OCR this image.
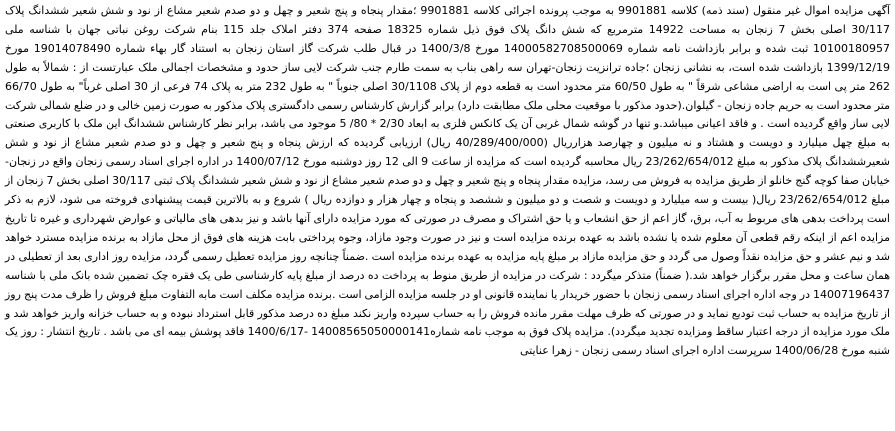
آگهی مزایده اموال غیر منقول (سند ذمه) کلاسه 9901881 به موجب پرونده اجرائی کلاسه 9901881 ؛مقدار پنجاه و پنج شعیر و چهل و دو صدم شعیر مشاع از نود و شش شعیر ششدانگ پلاک 30/117 اصلی بخش 7 زنجان به مساحت 14922 مترمربع که شش دانگ پلاک فوق ذیل شماره 18325 صفحه 374 دفتر املاک جلد 115 بنام شرکت روغن نباتی جهان با شناسه ملی 10100180957 ثبت شده و برابر بازداشت نامه شماره 14000582708500069 مورخ 1400/3/8 در قبال طلب شرکت گاز استان زنجان به استناد گار بهاء شماره 19014078490 مورخ 1399/12/19 بازداشت شده است، به نشانی زنجان ؛جاده ترانزیت زنجان-تهران سه راهی بناب به سمت طارم جنب شرکت لایی ساز حدود و مشخصات اجمالی ملک عبارتست از : شمالاً به طول 262 متر پی است به اراضی مشاعی شرقاً " به طول 60/50 متر محدود است به قطعه دوم از پلاک 30/1108 اصلی جنوباً " به طول 232 متر به پلاک 74 فرعی از 30 اصلی غرباً" به طول 66/70 متر محدود است به حریم جاده زنجان - گیلوان.(حدود مذکور با موقعیت محلی ملک مطابقت دارد) برابر گزارش کارشناس رسمی دادگستری پلاک مذکور به صورت زمین خالی و در ضلع شمالی شرکت لایی ساز واقع گردیده است . و فاقد اعیانی میباشد.و تنها در گوشه شمال غربی آن یک کانکس فلزی به ابعاد 2/30 * 80/ 5 موجود می باشد، برابر نظر کارشناس ششدانگ این ملک با کاربری صنعتی به مبلغ چهل میلیارد و دویست و هشتاد و نه میلیون و چهارصد هزارریال (40/289/400/000 ریال) ارزیابی گردیده که ارزش پنجاه و پنج شعیر و چهل و دو صدم شعیر مشاع از نود و شش شعیرششدانگ پلاک مذکور به مبلغ 23/262/654/012 ریال محاسبه گردیده است که مزایده از ساعت 9 الی 12 روز دوشنبه مورخ 1400/07/12 در اداره اجرای اسناد رسمی زنجان واقع در زنجان- خیابان صفا کوچه گنج خانلو از طریق مزایده به فروش می رسد، مزایده مقدار پنجاه و پنج شعیر و چهل و دو صدم شعیر مشاع از نود و شش شعیر ششدانگ پلاک ثبتی 30/117 اصلی بخش 7 زنجان از مبلغ 23/262/654/012 ریال( بیست و سه میلیارد و دویست و شصت و دو میلیون و ششصد و پنجاه و چهار هزار و دوازده ریال ) شروع و به بالاترین قیمت پیشنهادی فروخته می شود، لازم به ذکر است پرداخت بدهی های مربوط به آب، برق، گاز اعم از حق انشعاب و یا حق اشتراک و مصرف در صورتی که مورد مزایده دارای آنها باشد و نیز بدهی های مالیاتی و عوارض شهرداری و غیره تا تاریخ مزایده اعم از اینکه رقم قطعی آن معلوم شده یا نشده باشد به عهده برنده مزایده است و نیز در صورت وجود مازاد، وجوه پرداختی بابت هزینه های فوق از محل مازاد به برنده مزایده مسترد خواهد شد و نیم عشر و حق مزایده نقداً وصول می گردد و حق مزایده مازاد بر مبلغ پایه مزایده به عهده برنده مزایده است .ضمناً چنانچه روز مزایده تعطیل رسمی گردد، مزایده روز اداری بعد از تعطیلی در همان ساعت و محل مقرر برگزار خواهد شد.( ضمناً) متذکر میگردد : شرکت در مزایده از طریق منوط به پرداخت ده درصد از مبلغ پایه کارشناسی طی یک فقره چک تضمین شده بانک ملی با شناسه 14007196437 در وجه اداره اجرای اسناد رسمی زنجان با حضور خریدار یا نماینده قانونی او در جلسه مزایده الزامی است .برنده مزایده مکلف است مابه التفاوت مبلغ فروش را ظرف مدت پنج روز از تاریخ مزایده به حساب ثبت تودیع نماید و در صورتی که ظرف مهلت مقرر مانده فروش را به حساب سپرده واریز نکند مبلغ ده درصد مذکور قابل استرداد نبوده و به حساب خزانه واریز خواهد شد و ملک مورد مزایده از درجه اعتبار ساقط ومزایده تجدید میگردد). مزایده پلاک فوق به موجب نامه شماره14008565050000141 -1400/6/17 فاقد پوشش بیمه ای می باشد . تاریخ انتشار : روز یک شنبه مورخ 1400/06/28 سرپرست اداره اجرای اسناد رسمی زنجان - زهرا عنایتی
